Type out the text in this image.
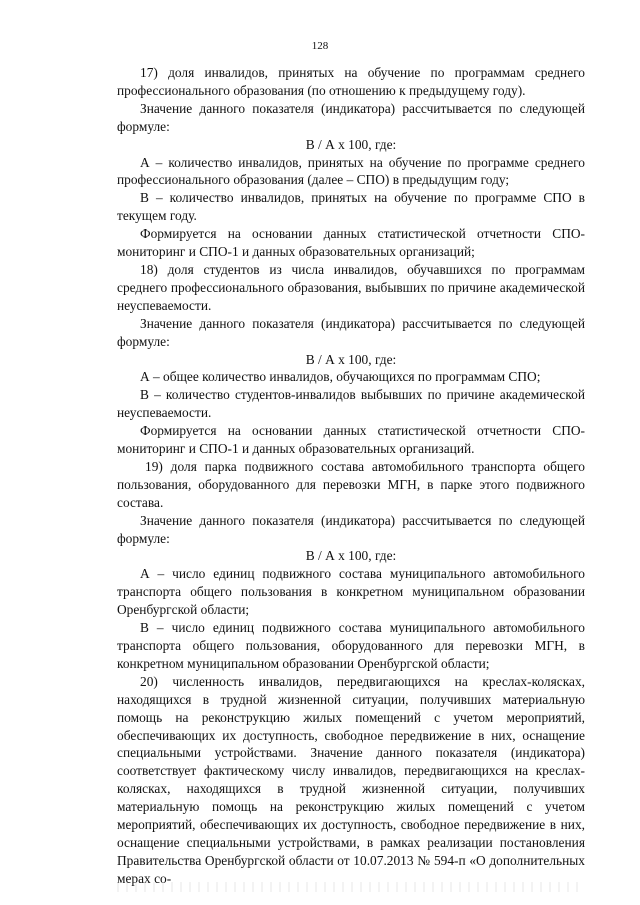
128

17) доля инвалидов, принятых на обучение по программам среднего профессионального образования (по отношению к предыдущему году).

Значение данного показателя (индикатора) рассчитывается по следующей формуле:

В / А x 100, где:

А – количество инвалидов, принятых на обучение по программе среднего профессионального образования (далее – СПО) в предыдущим году;

В – количество инвалидов, принятых на обучение по программе СПО в текущем году.

Формируется на основании данных статистической отчетности СПО-мониторинг и СПО-1 и данных образовательных организаций;

18) доля студентов из числа инвалидов, обучавшихся по программам среднего профессионального образования, выбывших по причине академической неуспеваемости.

Значение данного показателя (индикатора) рассчитывается по следующей формуле:

В / А x 100, где:

А – общее количество инвалидов, обучающихся по программам СПО;

В – количество студентов-инвалидов выбывших по причине академической неуспеваемости.

Формируется на основании данных статистической отчетности СПО-мониторинг и СПО-1 и данных образовательных организаций.

19) доля парка подвижного состава автомобильного транспорта общего пользования, оборудованного для перевозки МГН, в парке этого подвижного состава.

Значение данного показателя (индикатора) рассчитывается по следующей формуле:

В / А x 100, где:

А – число единиц подвижного состава муниципального автомобильного транспорта общего пользования в конкретном муниципальном образовании Оренбургской области;

В – число единиц подвижного состава муниципального автомобильного транспорта общего пользования, оборудованного для перевозки МГН, в конкретном муниципальном образовании Оренбургской области;

20) численность инвалидов, передвигающихся на креслах-колясках, находящихся в трудной жизненной ситуации, получивших материальную помощь на реконструкцию жилых помещений с учетом мероприятий, обеспечивающих их доступность, свободное передвижение в них, оснащение специальными устройствами. Значение данного показателя (индикатора) соответствует фактическому числу инвалидов, передвигающихся на креслах-колясках, находящихся в трудной жизненной ситуации, получивших материальную помощь на реконструкцию жилых помещений с учетом мероприятий, обеспечивающих их доступность, свободное передвижение в них, оснащение специальными устройствами, в рамках реализации постановления Правительства Оренбургской области от 10.07.2013 № 594-п «О дополнительных мерах со-
